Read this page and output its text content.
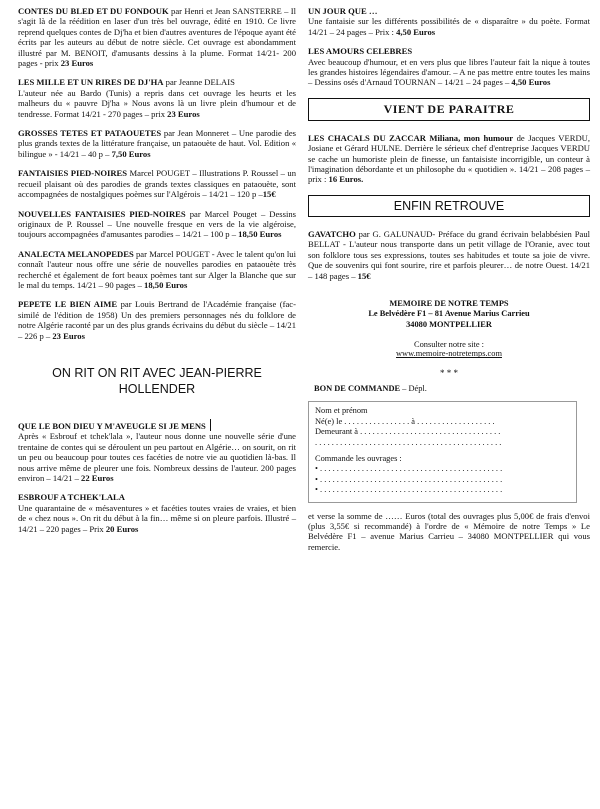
CONTES DU BLED ET DU FONDOUK par Henri et Jean SANSTERRE – Il s'agit là de la réédition en laser d'un très bel ouvrage, édité en 1910. Ce livre reprend quelques contes de Dj'ha et bien d'autres aventures de l'époque ayant été écrits par les auteurs au début de notre siècle. Cet ouvrage est abondamment illustré par M. BENOIT, d'amusants dessins à la plume. Format 14/21- 200 pages - prix 23 Euros

LES MILLE ET UN RIRES DE DJ'HA par Jeanne DELAIS
L'auteur née au Bardo (Tunis) a repris dans cet ouvrage les heurts et les malheurs du « pauvre Dj'ha » Nous avons là un livre plein d'humour et de tendresse. Format 14/21 - 270 pages – prix 23 Euros

GROSSES TETES ET PATAOUETES par Jean Monneret – Une parodie des plus grands textes de la littérature française, un pataouète de haut. Vol. Edition « bilingue » - 14/21 – 40 p – 7,50 Euros

FANTAISIES PIED-NOIRES Marcel POUGET – Illustrations P. Roussel – un recueil plaisant où des parodies de grands textes classiques en pataouète, sont accompagnées de nostalgiques poèmes sur l'Algérois – 14/21 – 120 p –15€

NOUVELLES FANTAISIES PIED-NOIRES par Marcel Pouget – Dessins originaux de P. Roussel – Une nouvelle fresque en vers de la vie algéroise, toujours accompagnées d'amusantes parodies – 14/21 – 100 p – 18,50 Euros

ANALECTA MELANOPEDES par Marcel POUGET - Avec le talent qu'on lui connaît l'auteur nous offre une série de nouvelles parodies en pataouète très recherché et également de fort beaux poèmes tant sur Alger la Blanche que sur le mal du temps. 14/21 – 90 pages – 18,50 Euros

PEPETE LE BIEN AIME par Louis Bertrand de l'Académie française (fac-similé de l'édition de 1958) Un des premiers personnages nés du folklore de notre Algérie raconté par un des plus grands écrivains du début du siècle – 14/21 – 226 p – 23 Euros

ON RIT ON RIT AVEC JEAN-PIERRE HOLLENDER

QUE LE BON DIEU Y M'AVEUGLE SI JE MENS
Après « Esbrouf et tchek'lala », l'auteur nous donne une nouvelle série d'une trentaine de contes qui se déroulent un peu partout en Algérie… on sourit, on rit un peu ou beaucoup pour toutes ces facéties de notre vie au quotidien là-bas. Il nous arrive même de pleurer une fois. Nombreux dessins de l'auteur. 200 pages environ – 14/21 – 22 Euros

ESBROUF A TCHEK'LALA
Une quarantaine de « mésaventures » et facéties toutes vraies de vraies, et bien de « chez nous ». On rit du début à la fin… même si on pleure parfois. Illustré – 14/21 – 220 pages – Prix 20 Euros

UN JOUR QUE …
Une fantaisie sur les différents possibilités de « disparaître » du poète. Format 14/21 – 24 pages – Prix : 4,50 Euros

LES AMOURS CELEBRES
Avec beaucoup d'humour, et en vers plus que libres l'auteur fait la nique à toutes les grandes histoires légendaires d'amour. – A ne pas mettre entre toutes les mains – Dessins osés d'Arnaud TOURNAN – 14/21 – 24 pages – 4,50 Euros

VIENT DE PARAITRE

LES CHACALS DU ZACCAR Miliana, mon humour de Jacques VERDU, Josiane et Gérard HULNE. Derrière le sérieux chef d'entreprise Jacques VERDU se cache un humoriste plein de finesse, un fantaisiste incorrigible, un conteur à l'imagination débordante et un philosophe du « quotidien ». 14/21 – 208 pages – prix : 16 Euros.

ENFIN RETROUVE

GAVATCHO par G. GALUNAUD- Préface du grand écrivain belabbésien Paul BELLAT - L'auteur nous transporte dans un petit village de l'Oranie, avec tout son folklore tous ses expressions, toutes ses habitudes et toute sa joie de vivre. Que de souvenirs qui font sourire, rire et parfois pleurer… de notre Ouest. 14/21 – 148 pages – 15€

MEMOIRE DE NOTRE TEMPS
Le Belvédère F1 – 81 Avenue Marius Carrieu
34080 MONTPELLIER
Consulter notre site :
www.memoire-notretemps.com
* * *
BON DE COMMANDE – Dépl.
Nom et prénom
Né(e) le . . . . . . . . . . . . . . . . à . . . . . . . . . . . . . . . . . . .
Demeurant à . . . . . . . . . . . . . . . . . . . . . . . . . . . . . . . . . .
. . . . . . . . . . . . . . . . . . . . . . . . . . . . . . . . . . . . . . . . . . . . .
Commande les ouvrages :
• . . . . . . . . . . . . . . . . . . . . . . . . . . . . . . . . . . . . . . . . . . . .
• . . . . . . . . . . . . . . . . . . . . . . . . . . . . . . . . . . . . . . . . . . . .
• . . . . . . . . . . . . . . . . . . . . . . . . . . . . . . . . . . . . . . . . . . . .
et verse la somme de …… Euros (total des ouvrages plus 5,00€ de frais d'envoi (plus 3,55€ si recommandé) à l'ordre de « Mémoire de notre Temps » Le Belvédère F1 – avenue Marius Carrieu – 34080 MONTPELLIER qui vous remercie.
